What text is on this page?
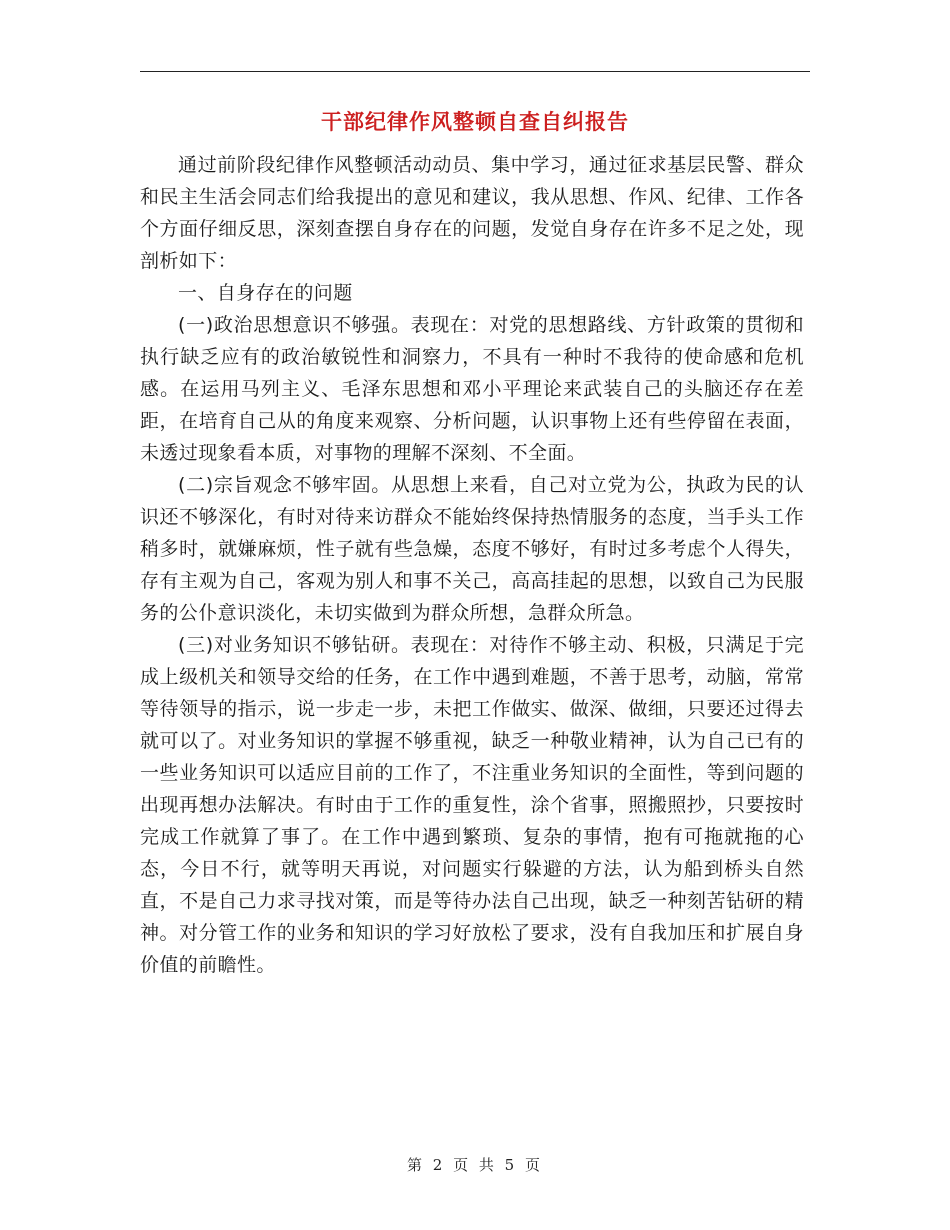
干部纪律作风整顿自查自纠报告

通过前阶段纪律作风整顿活动动员、集中学习，通过征求基层民警、群众和民主生活会同志们给我提出的意见和建议，我从思想、作风、纪律、工作各个方面仔细反思，深刻查摆自身存在的问题，发觉自身存在许多不足之处，现剖析如下：

一、自身存在的问题

(一)政治思想意识不够强。表现在：对党的思想路线、方针政策的贯彻和执行缺乏应有的政治敏锐性和洞察力，不具有一种时不我待的使命感和危机感。在运用马列主义、毛泽东思想和邓小平理论来武装自己的头脑还存在差距，在培育自己从的角度来观察、分析问题，认识事物上还有些停留在表面，未透过现象看本质，对事物的理解不深刻、不全面。

(二)宗旨观念不够牢固。从思想上来看，自己对立党为公，执政为民的认识还不够深化，有时对待来访群众不能始终保持热情服务的态度，当手头工作稍多时，就嫌麻烦，性子就有些急燥，态度不够好，有时过多考虑个人得失，存有主观为自己，客观为别人和事不关己，高高挂起的思想，以致自己为民服务的公仆意识淡化，未切实做到为群众所想，急群众所急。

(三)对业务知识不够钻研。表现在：对待作不够主动、积极，只满足于完成上级机关和领导交给的任务，在工作中遇到难题，不善于思考，动脑，常常等待领导的指示，说一步走一步，未把工作做实、做深、做细，只要还过得去就可以了。对业务知识的掌握不够重视，缺乏一种敬业精神，认为自己已有的一些业务知识可以适应目前的工作了，不注重业务知识的全面性，等到问题的出现再想办法解决。有时由于工作的重复性，涂个省事，照搬照抄，只要按时完成工作就算了事了。在工作中遇到繁琐、复杂的事情，抱有可拖就拖的心态，今日不行，就等明天再说，对问题实行躲避的方法，认为船到桥头自然直，不是自己力求寻找对策，而是等待办法自己出现，缺乏一种刻苦钻研的精神。对分管工作的业务和知识的学习好放松了要求，没有自我加压和扩展自身价值的前瞻性。

第 2 页 共 5 页
